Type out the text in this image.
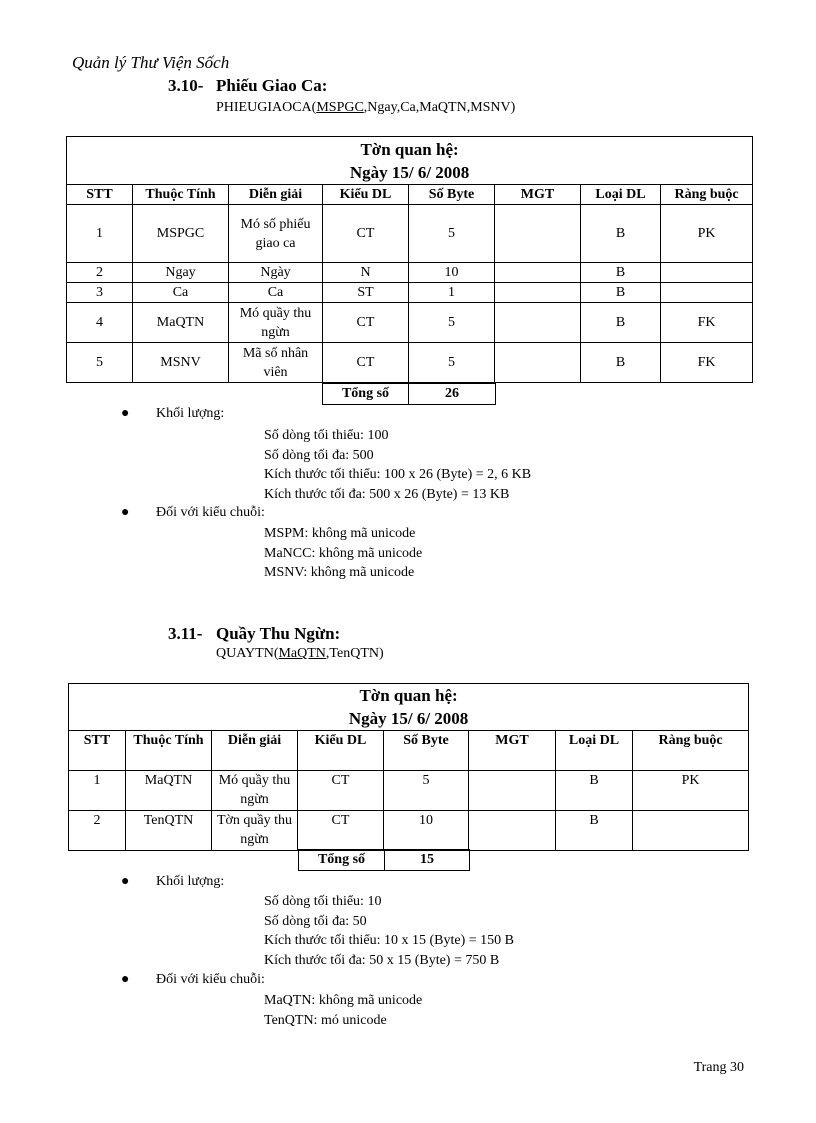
Quản lý Thư Viện Sốch
3.10- Phiếu Giao Ca:
PHIEUGIAOCA(MSPGC,Ngay,Ca,MaQTN,MSNV)
Tờn quan hệ:
Ngày 15/ 6/ 2008							

STT	Thuộc Tính	Diễn giải	Kiểu DL	Số Byte	MGT	Loại DL	Ràng buộc
1	MSPGC	Mó số phiếu giao ca	CT	5		B	PK
2	Ngay	Ngày	N	10		B	
3	Ca	Ca	ST	1		B	
4	MaQTN	Mó quầy thu ngừn	CT	5		B	FK
5	MSNV	Mã số nhân viên	CT	5		B	FK
Tổng số	26
● Khối lượng:
Số dòng tối thiểu: 100
Số dòng tối đa: 500
Kích thước tối thiểu: 100 x 26 (Byte) = 2, 6 KB
Kích thước tối đa: 500 x 26 (Byte) = 13 KB
● Đối với kiểu chuỗi:
MSPM: không mã unicode
MaNCC: không mã unicode
MSNV: không mã unicode
3.11- Quầy Thu Ngừn:
QUAYTN(MaQTN,TenQTN)
Tờn quan hệ:
Ngày 15/ 6/ 2008							

STT	Thuộc Tính	Diễn giải	Kiểu DL	Số Byte	MGT	Loại DL	Ràng buộc
1	MaQTN	Mó quầy thu ngừn	CT	5		B	PK
2	TenQTN	Tờn quầy thu ngừn	CT	10		B	
Tổng số	15
● Khối lượng:
Số dòng tối thiểu: 10
Số dòng tối đa: 50
Kích thước tối thiểu: 10 x 15 (Byte) = 150 B
Kích thước tối đa: 50 x 15 (Byte) = 750 B
● Đối với kiểu chuỗi:
MaQTN: không mã unicode
TenQTN: mó unicode
Trang 30
